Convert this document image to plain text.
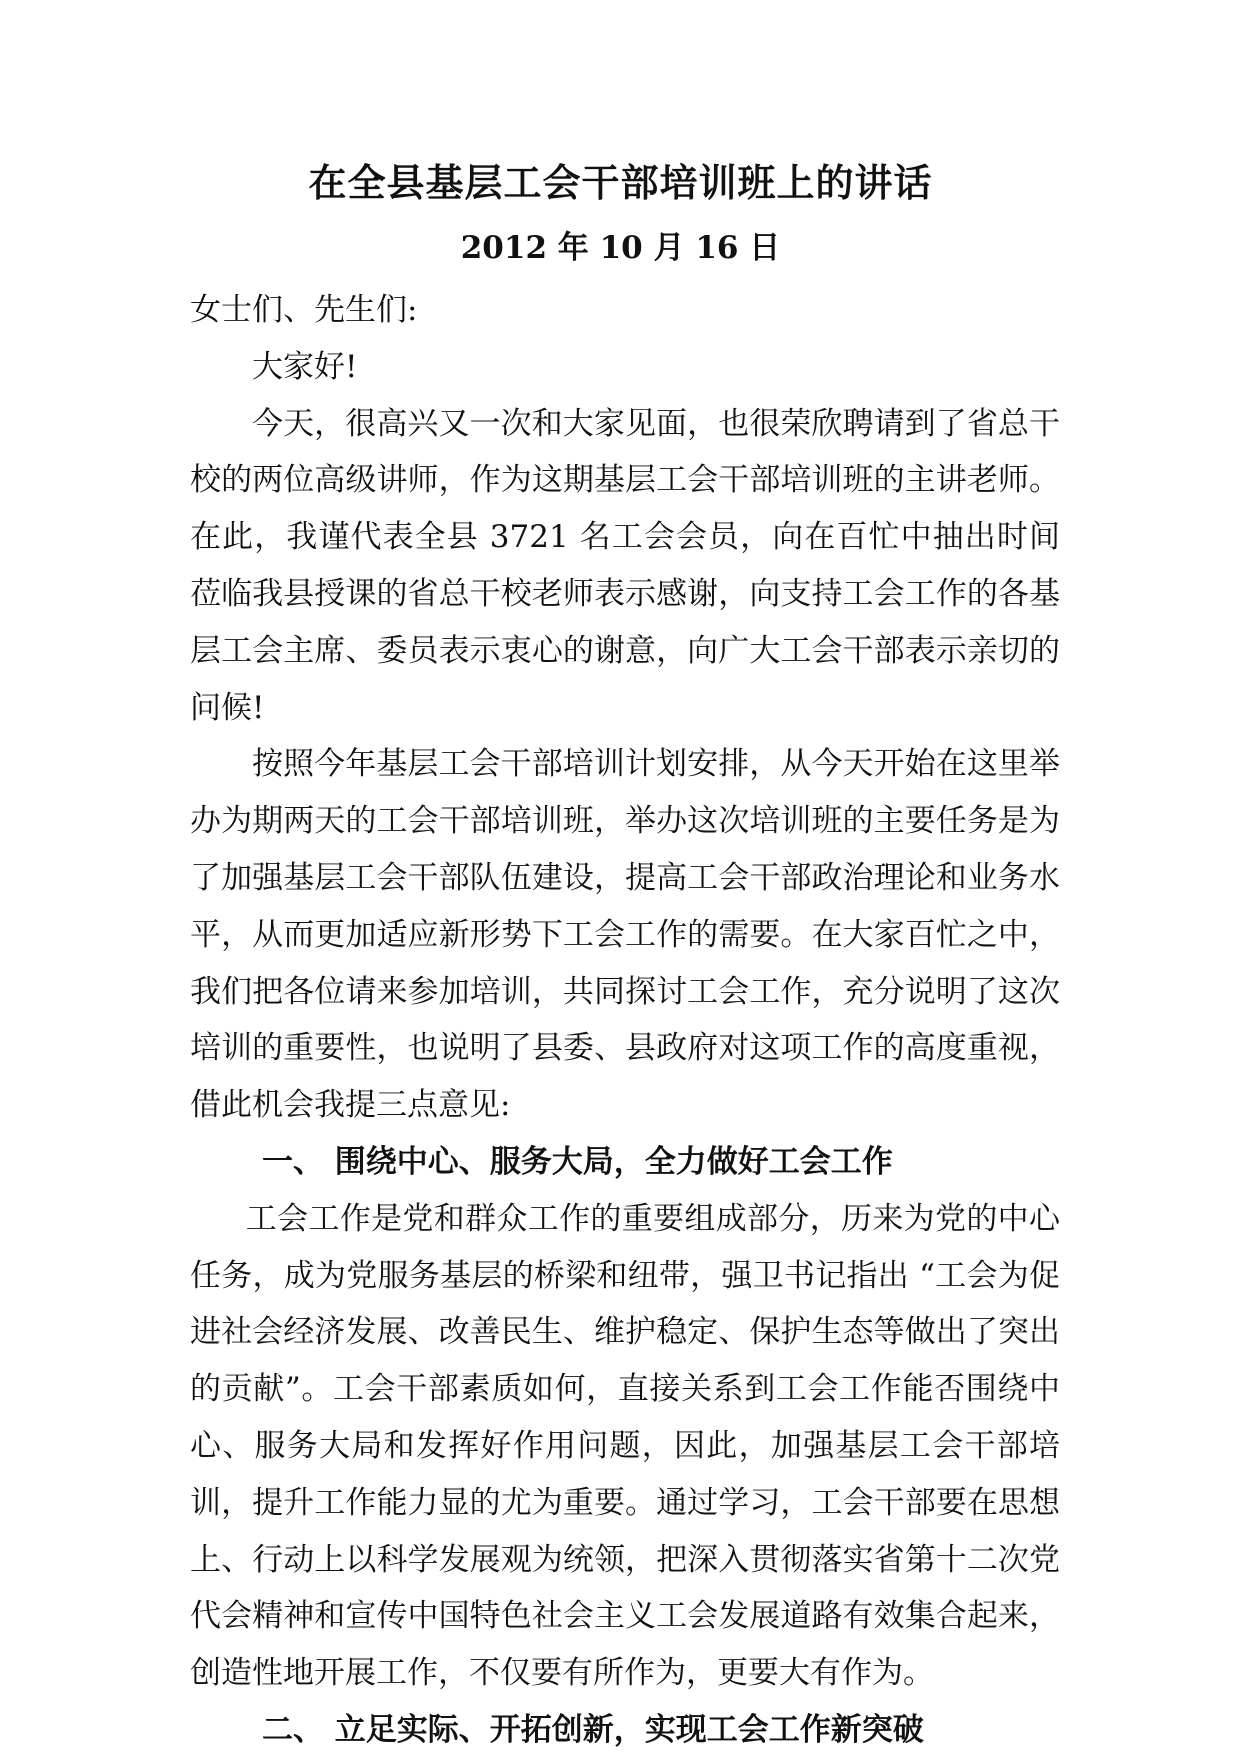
在全县基层工会干部培训班上的讲话
2012 年 10 月 16 日

女士们、先生们:

大家好!

今天，很高兴又一次和大家见面，也很荣欣聘请到了省总干校的两位高级讲师，作为这期基层工会干部培训班的主讲老师。在此，我谨代表全县 3721 名工会会员，向在百忙中抽出时间莅临我县授课的省总干校老师表示感谢，向支持工会工作的各基层工会主席、委员表示衷心的谢意，向广大工会干部表示亲切的问候!

按照今年基层工会干部培训计划安排，从今天开始在这里举办为期两天的工会干部培训班，举办这次培训班的主要任务是为了加强基层工会干部队伍建设，提高工会干部政治理论和业务水平，从而更加适应新形势下工会工作的需要。在大家百忙之中，我们把各位请来参加培训，共同探讨工会工作，充分说明了这次培训的重要性，也说明了县委、县政府对这项工作的高度重视，借此机会我提三点意见:

一、 围绕中心、服务大局，全力做好工会工作

工会工作是党和群众工作的重要组成部分，历来为党的中心任务，成为党服务基层的桥梁和纽带，强卫书记指出 “工会为促进社会经济发展、改善民生、维护稳定、保护生态等做出了突出的贡献”。工会干部素质如何，直接关系到工会工作能否围绕中心、服务大局和发挥好作用问题，因此，加强基层工会干部培训，提升工作能力显的尤为重要。通过学习，工会干部要在思想上、行动上以科学发展观为统领，把深入贯彻落实省第十二次党代会精神和宣传中国特色社会主义工会发展道路有效集合起来，创造性地开展工作，不仅要有所作为，更要大有作为。

二、 立足实际、开拓创新，实现工会工作新突破
